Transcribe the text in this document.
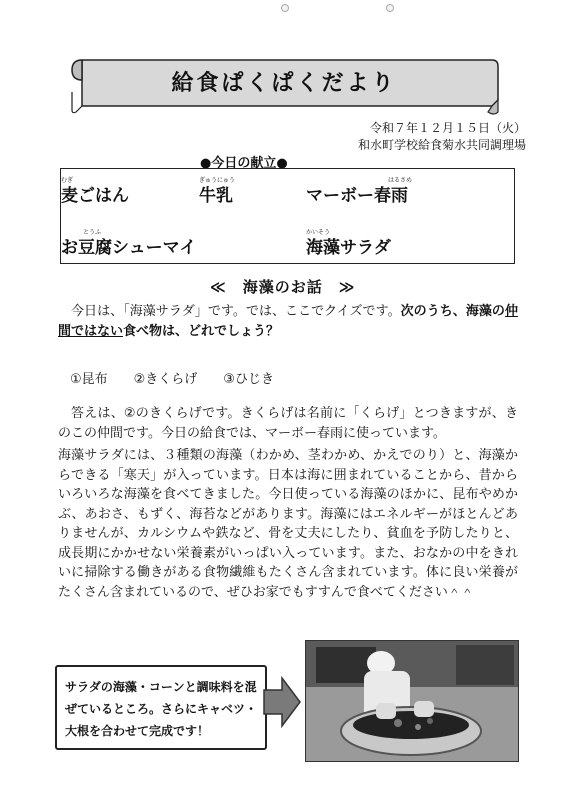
給食ぱくぱくだより
令和７年１２月１５日（火）
和水町学校給食菊水共同調理場
●今日の献立●
むぎ
麦ごはん
ぎゅうにゅう
牛乳
はるさめ
マーボー春雨
とうふ
お豆腐シューマイ
かいそう
海藻サラダ
≪　海藻のお話　≫
今日は、「海藻サラダ」です。では、ここでクイズです。次のうち、海藻の仲間ではない食べ物は、どれでしょう？
①昆布　　②きくらげ　　③ひじき
答えは、②のきくらげです。きくらげは名前に「くらげ」とつきますが、きのこの仲間です。今日の給食では、マーボー春雨に使っています。
海藻サラダには、３種類の海藻（わかめ、茎わかめ、かえでのり）と、海藻からできる「寒天」が入っています。日本は海に囲まれていることから、昔からいろいろな海藻を食べてきました。今日使っている海藻のほかに、昆布やめかぶ、あおさ、もずく、海苔などがあります。海藻にはエネルギーがほとんどありませんが、カルシウムや鉄など、骨を丈夫にしたり、貧血を予防したりと、成長期にかかせない栄養素がいっぱい入っています。また、おなかの中をきれいに掃除する働きがある食物繊維もたくさん含まれています。体に良い栄養がたくさん含まれているので、ぜひお家でもすすんで食べてください＾＾
サラダの海藻・コーンと調味料を混ぜているところ。さらにキャベツ・大根を合わせて完成です！
